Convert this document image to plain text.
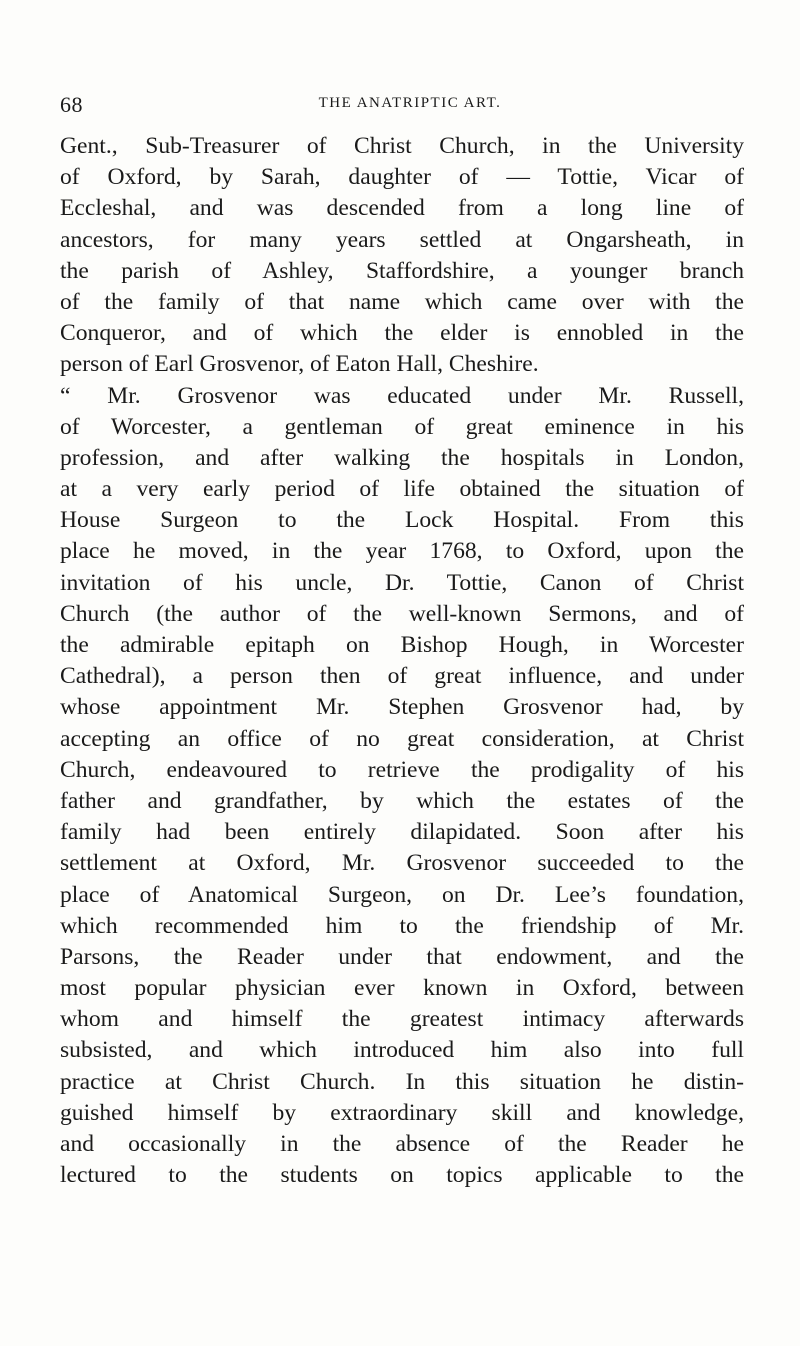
68	THE ANATRIPTIC ART.
Gent., Sub-Treasurer of Christ Church, in the University
of Oxford, by Sarah, daughter of — Tottie, Vicar of
Eccleshal, and was descended from a long line of
ancestors, for many years settled at Ongarsheath, in
the parish of Ashley, Staffordshire, a younger branch
of the family of that name which came over with the
Conqueror, and of which the elder is ennobled in the
person of Earl Grosvenor, of Eaton Hall, Cheshire.
“ Mr. Grosvenor was educated under Mr. Russell,
of Worcester, a gentleman of great eminence in his
profession, and after walking the hospitals in London,
at a very early period of life obtained the situation of
House Surgeon to the Lock Hospital. From this
place he moved, in the year 1768, to Oxford, upon the
invitation of his uncle, Dr. Tottie, Canon of Christ
Church (the author of the well-known Sermons, and of
the admirable epitaph on Bishop Hough, in Worcester
Cathedral), a person then of great influence, and under
whose appointment Mr. Stephen Grosvenor had, by
accepting an office of no great consideration, at Christ
Church, endeavoured to retrieve the prodigality of his
father and grandfather, by which the estates of the
family had been entirely dilapidated. Soon after his
settlement at Oxford, Mr. Grosvenor succeeded to the
place of Anatomical Surgeon, on Dr. Lee’s foundation,
which recommended him to the friendship of Mr.
Parsons, the Reader under that endowment, and the
most popular physician ever known in Oxford, between
whom and himself the greatest intimacy afterwards
subsisted, and which introduced him also into full
practice at Christ Church. In this situation he distin-
guished himself by extraordinary skill and knowledge,
and occasionally in the absence of the Reader he
lectured to the students on topics applicable to the
